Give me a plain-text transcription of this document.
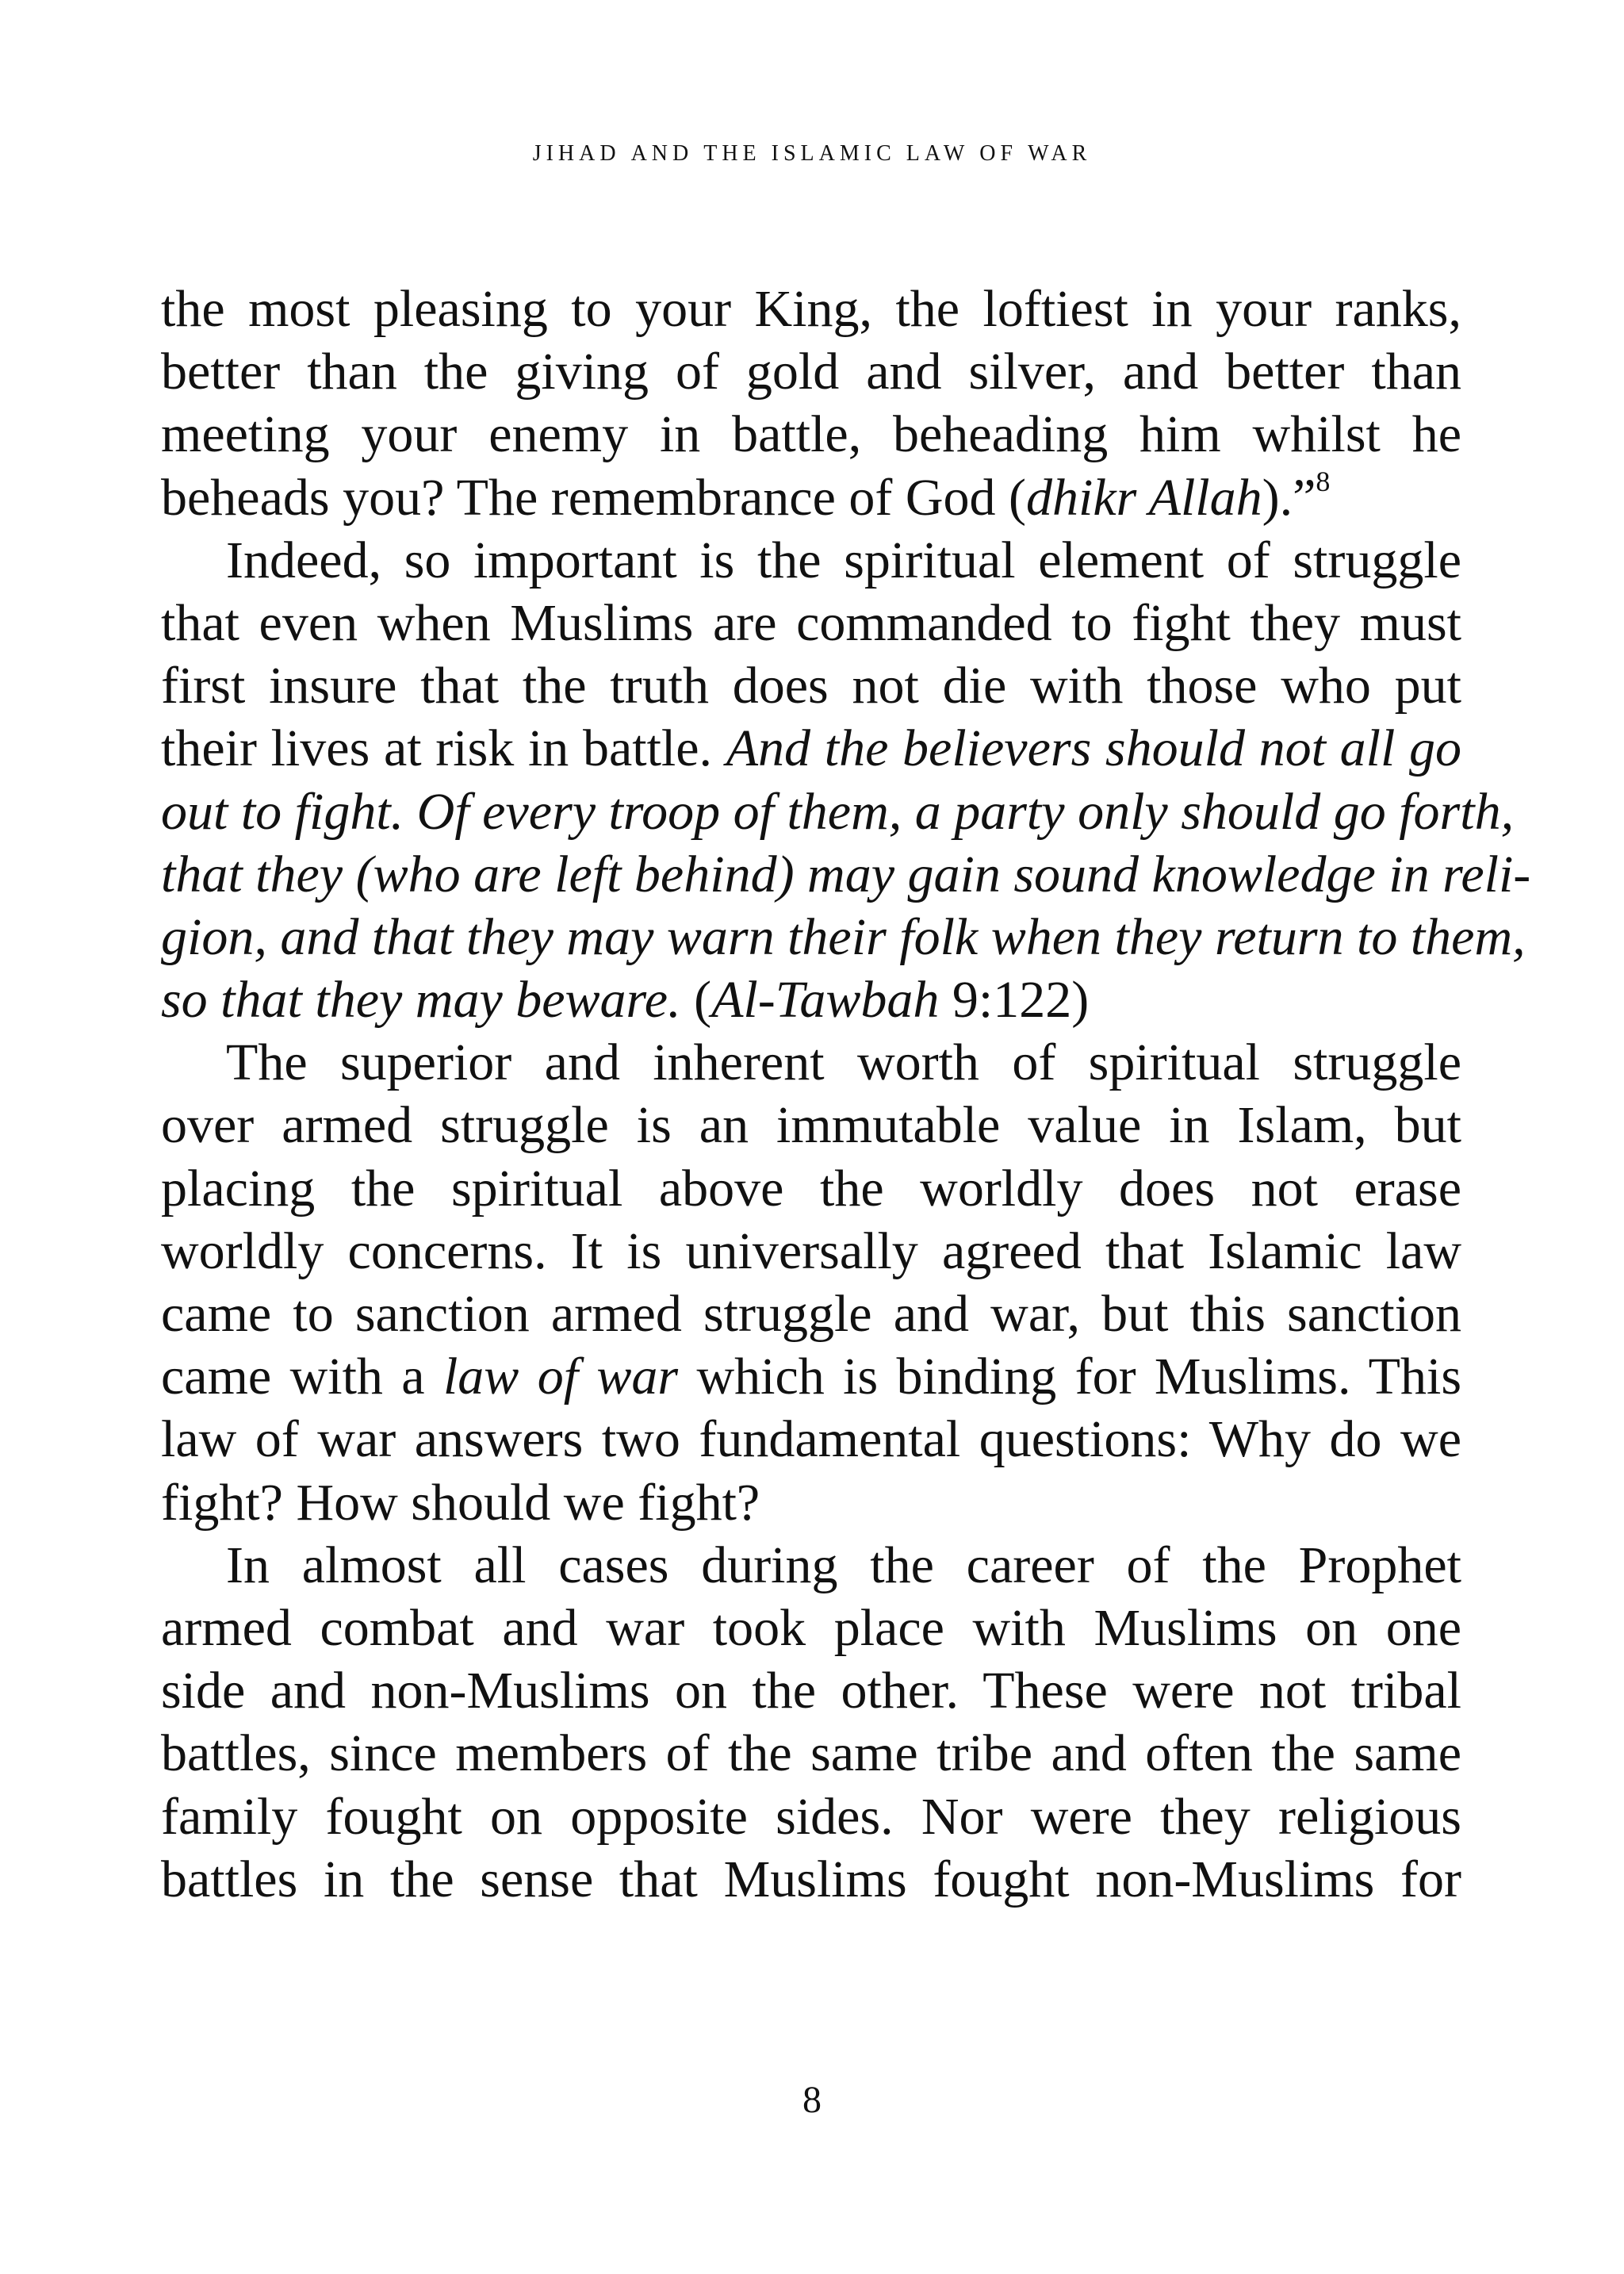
jihad and the islamic law of war
the most pleasing to your King, the loftiest in your ranks,
better than the giving of gold and silver, and better than
meeting your enemy in battle, beheading him whilst he
beheads you? The remembrance of God (dhikr Allah).”$^8$
Indeed, so important is the spiritual element of struggle
that even when Muslims are commanded to fight they must
first insure that the truth does not die with those who put
their lives at risk in battle. And the believers should not all go
out to fight. Of every troop of them, a party only should go forth,
that they (who are left behind) may gain sound knowledge in reli-
gion, and that they may warn their folk when they return to them,
so that they may beware. (Al-Tawbah 9:122)
The superior and inherent worth of spiritual struggle
over armed struggle is an immutable value in Islam, but
placing the spiritual above the worldly does not erase
worldly concerns. It is universally agreed that Islamic law
came to sanction armed struggle and war, but this sanction
came with a law of war which is binding for Muslims. This
law of war answers two fundamental questions: Why do we
fight? How should we fight?
In almost all cases during the career of the Prophet
armed combat and war took place with Muslims on one
side and non-Muslims on the other. These were not tribal
battles, since members of the same tribe and often the same
family fought on opposite sides. Nor were they religious
battles in the sense that Muslims fought non-Muslims for
8
